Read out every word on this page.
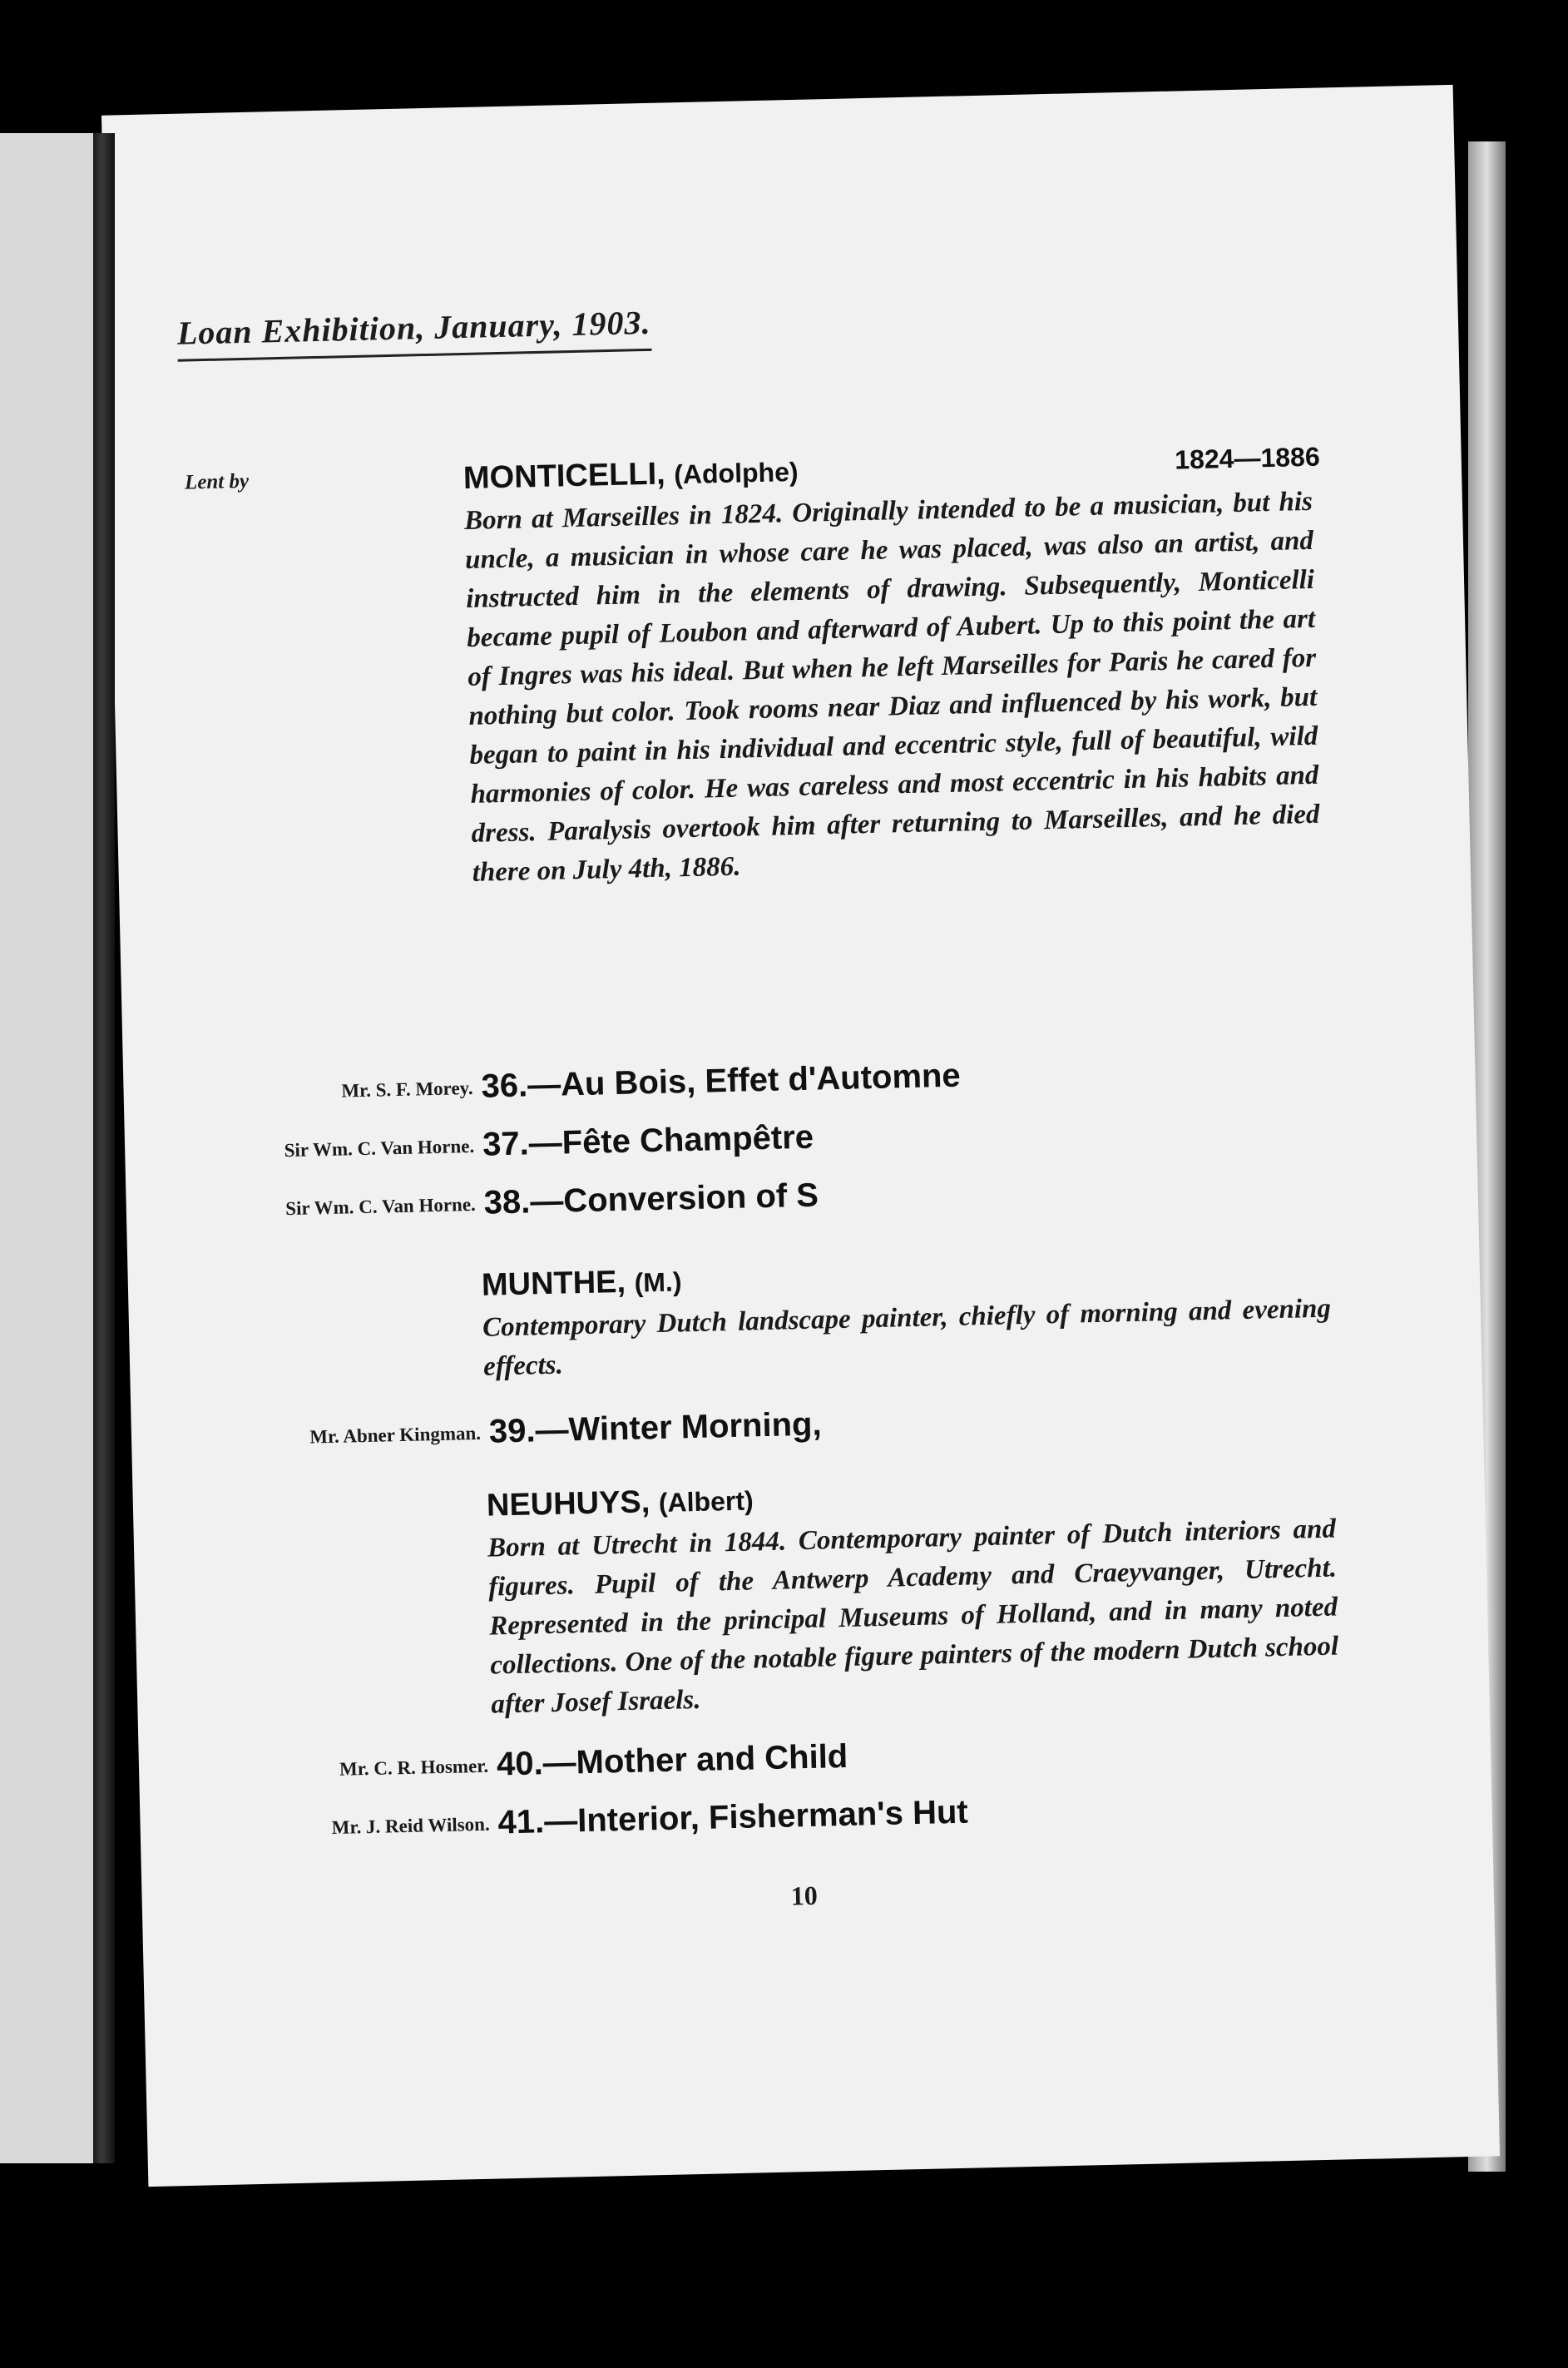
Loan Exhibition, January, 1903.
Lent by	MONTICELLI, (Adolphe)	1824—1886
Born at Marseilles in 1824. Originally intended to be a musician, but his uncle, a musician in whose care he was placed, was also an artist, and instructed him in the elements of drawing. Subsequently, Monticelli became pupil of Loubon and afterward of Aubert. Up to this point the art of Ingres was his ideal. But when he left Marseilles for Paris he cared for nothing but color. Took rooms near Diaz and influenced by his work, but began to paint in his individual and eccentric style, full of beautiful, wild harmonies of color. He was careless and most eccentric in his habits and dress. Paralysis overtook him after returning to Marseilles, and he died there on July 4th, 1886.
Mr. S. F. Morey. 36.—Au Bois, Effet d'Automne
Sir Wm. C. Van Horne. 37.—Fête Champêtre
Sir Wm. C. Van Horne. 38.—Conversion of S
MUNTHE, (M.)
Contemporary Dutch landscape painter, chiefly of morning and evening effects.
Mr. Abner Kingman. 39.—Winter Morning,
NEUHUYS, (Albert)
Born at Utrecht in 1844. Contemporary painter of Dutch interiors and figures. Pupil of the Antwerp Academy and Craeyvanger, Utrecht. Represented in the principal Museums of Holland, and in many noted collections. One of the notable figure painters of the modern Dutch school after Josef Israels.
Mr. C. R. Hosmer. 40.—Mother and Child
Mr. J. Reid Wilson. 41.—Interior, Fisherman's Hut
10
